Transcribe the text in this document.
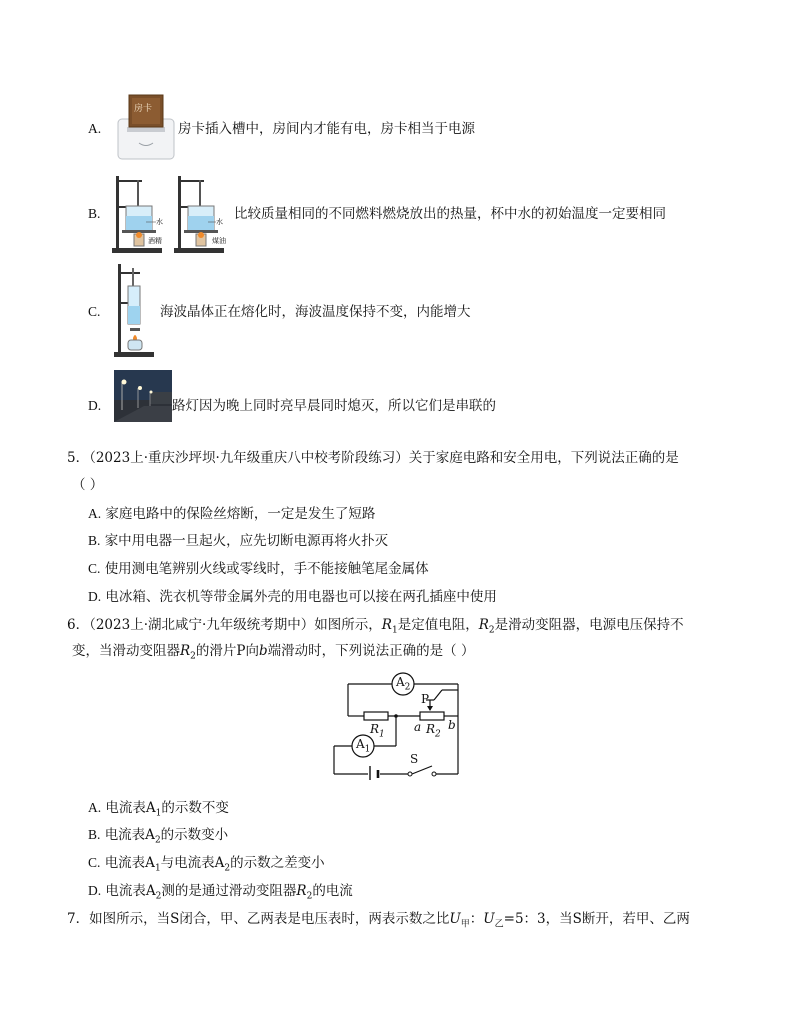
A.
房卡
房卡插入槽中，房间内才能有电，房卡相当于电源
B.
水
酒精
水
煤油
比较质量相同的不同燃料燃烧放出的热量，杯中水的初始温度一定要相同
C.	海波晶体正在熔化时，海波温度保持不变，内能增大
D.	路灯因为晚上同时亮早晨同时熄灭，所以它们是串联的
5．（2023上·重庆沙坪坝·九年级重庆八中校考阶段练习）关于家庭电路和安全用电，下列说法正确的是
（ ）
A. 家庭电路中的保险丝熔断，一定是发生了短路
B. 家中用电器一旦起火，应先切断电源再将火扑灭
C. 使用测电笔辨别火线或零线时，手不能接触笔尾金属体
D. 电冰箱、洗衣机等带金属外壳的用电器也可以接在两孔插座中使用
6．（2023上·湖北咸宁·九年级统考期中）如图所示，$R_1$是定值电阻，$R_2$是滑动变阻器，电源电压保持不
变，当滑动变阻器$R_2$的滑片P向b端滑动时，下列说法正确的是（ ）
$A_2$
$A_1$
P
$R_1$	$R_2$
a b
S
A. 电流表$A_1$的示数不变
B. 电流表$A_2$的示数变小
C. 电流表$A_1$与电流表$A_2$的示数之差变小
D. 电流表$A_2$测的是通过滑动变阻器$R_2$的电流
7．如图所示，当S闭合，甲、乙两表是电压表时，两表示数之比$U_甲$：$U_乙=5$：3，当S断开，若甲、乙两
